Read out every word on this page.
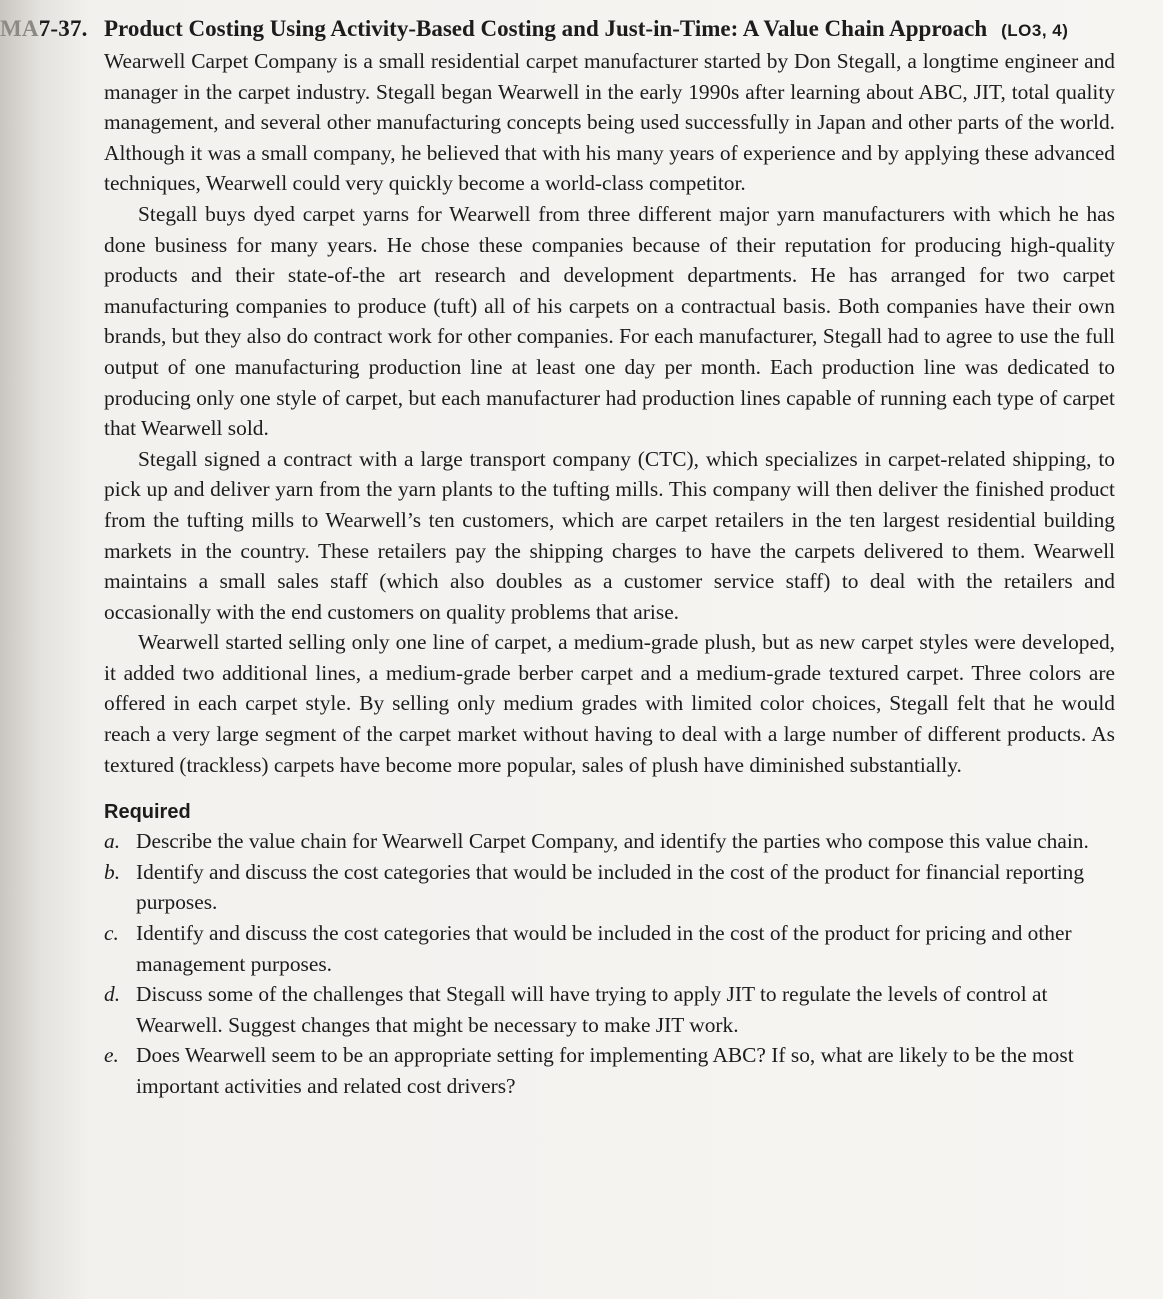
MA7-37. Product Costing Using Activity-Based Costing and Just-in-Time: A Value Chain Approach (LO3, 4)

Wearwell Carpet Company is a small residential carpet manufacturer started by Don Stegall, a longtime engineer and manager in the carpet industry. Stegall began Wearwell in the early 1990s after learning about ABC, JIT, total quality management, and several other manufacturing concepts being used successfully in Japan and other parts of the world. Although it was a small company, he believed that with his many years of experience and by applying these advanced techniques, Wearwell could very quickly become a world-class competitor.

Stegall buys dyed carpet yarns for Wearwell from three different major yarn manufacturers with which he has done business for many years. He chose these companies because of their reputation for producing high-quality products and their state-of-the art research and development departments. He has arranged for two carpet manufacturing companies to produce (tuft) all of his carpets on a contractual basis. Both companies have their own brands, but they also do contract work for other companies. For each manufacturer, Stegall had to agree to use the full output of one manufacturing production line at least one day per month. Each production line was dedicated to producing only one style of carpet, but each manufacturer had production lines capable of running each type of carpet that Wearwell sold.

Stegall signed a contract with a large transport company (CTC), which specializes in carpet-related shipping, to pick up and deliver yarn from the yarn plants to the tufting mills. This company will then deliver the finished product from the tufting mills to Wearwell’s ten customers, which are carpet retailers in the ten largest residential building markets in the country. These retailers pay the shipping charges to have the carpets delivered to them. Wearwell maintains a small sales staff (which also doubles as a customer service staff) to deal with the retailers and occasionally with the end customers on quality problems that arise.

Wearwell started selling only one line of carpet, a medium-grade plush, but as new carpet styles were developed, it added two additional lines, a medium-grade berber carpet and a medium-grade textured carpet. Three colors are offered in each carpet style. By selling only medium grades with limited color choices, Stegall felt that he would reach a very large segment of the carpet market without having to deal with a large number of different products. As textured (trackless) carpets have become more popular, sales of plush have diminished substantially.

Required
a. Describe the value chain for Wearwell Carpet Company, and identify the parties who compose this value chain.
b. Identify and discuss the cost categories that would be included in the cost of the product for financial reporting purposes.
c. Identify and discuss the cost categories that would be included in the cost of the product for pricing and other management purposes.
d. Discuss some of the challenges that Stegall will have trying to apply JIT to regulate the levels of control at Wearwell. Suggest changes that might be necessary to make JIT work.
e. Does Wearwell seem to be an appropriate setting for implementing ABC? If so, what are likely to be the most important activities and related cost drivers?
